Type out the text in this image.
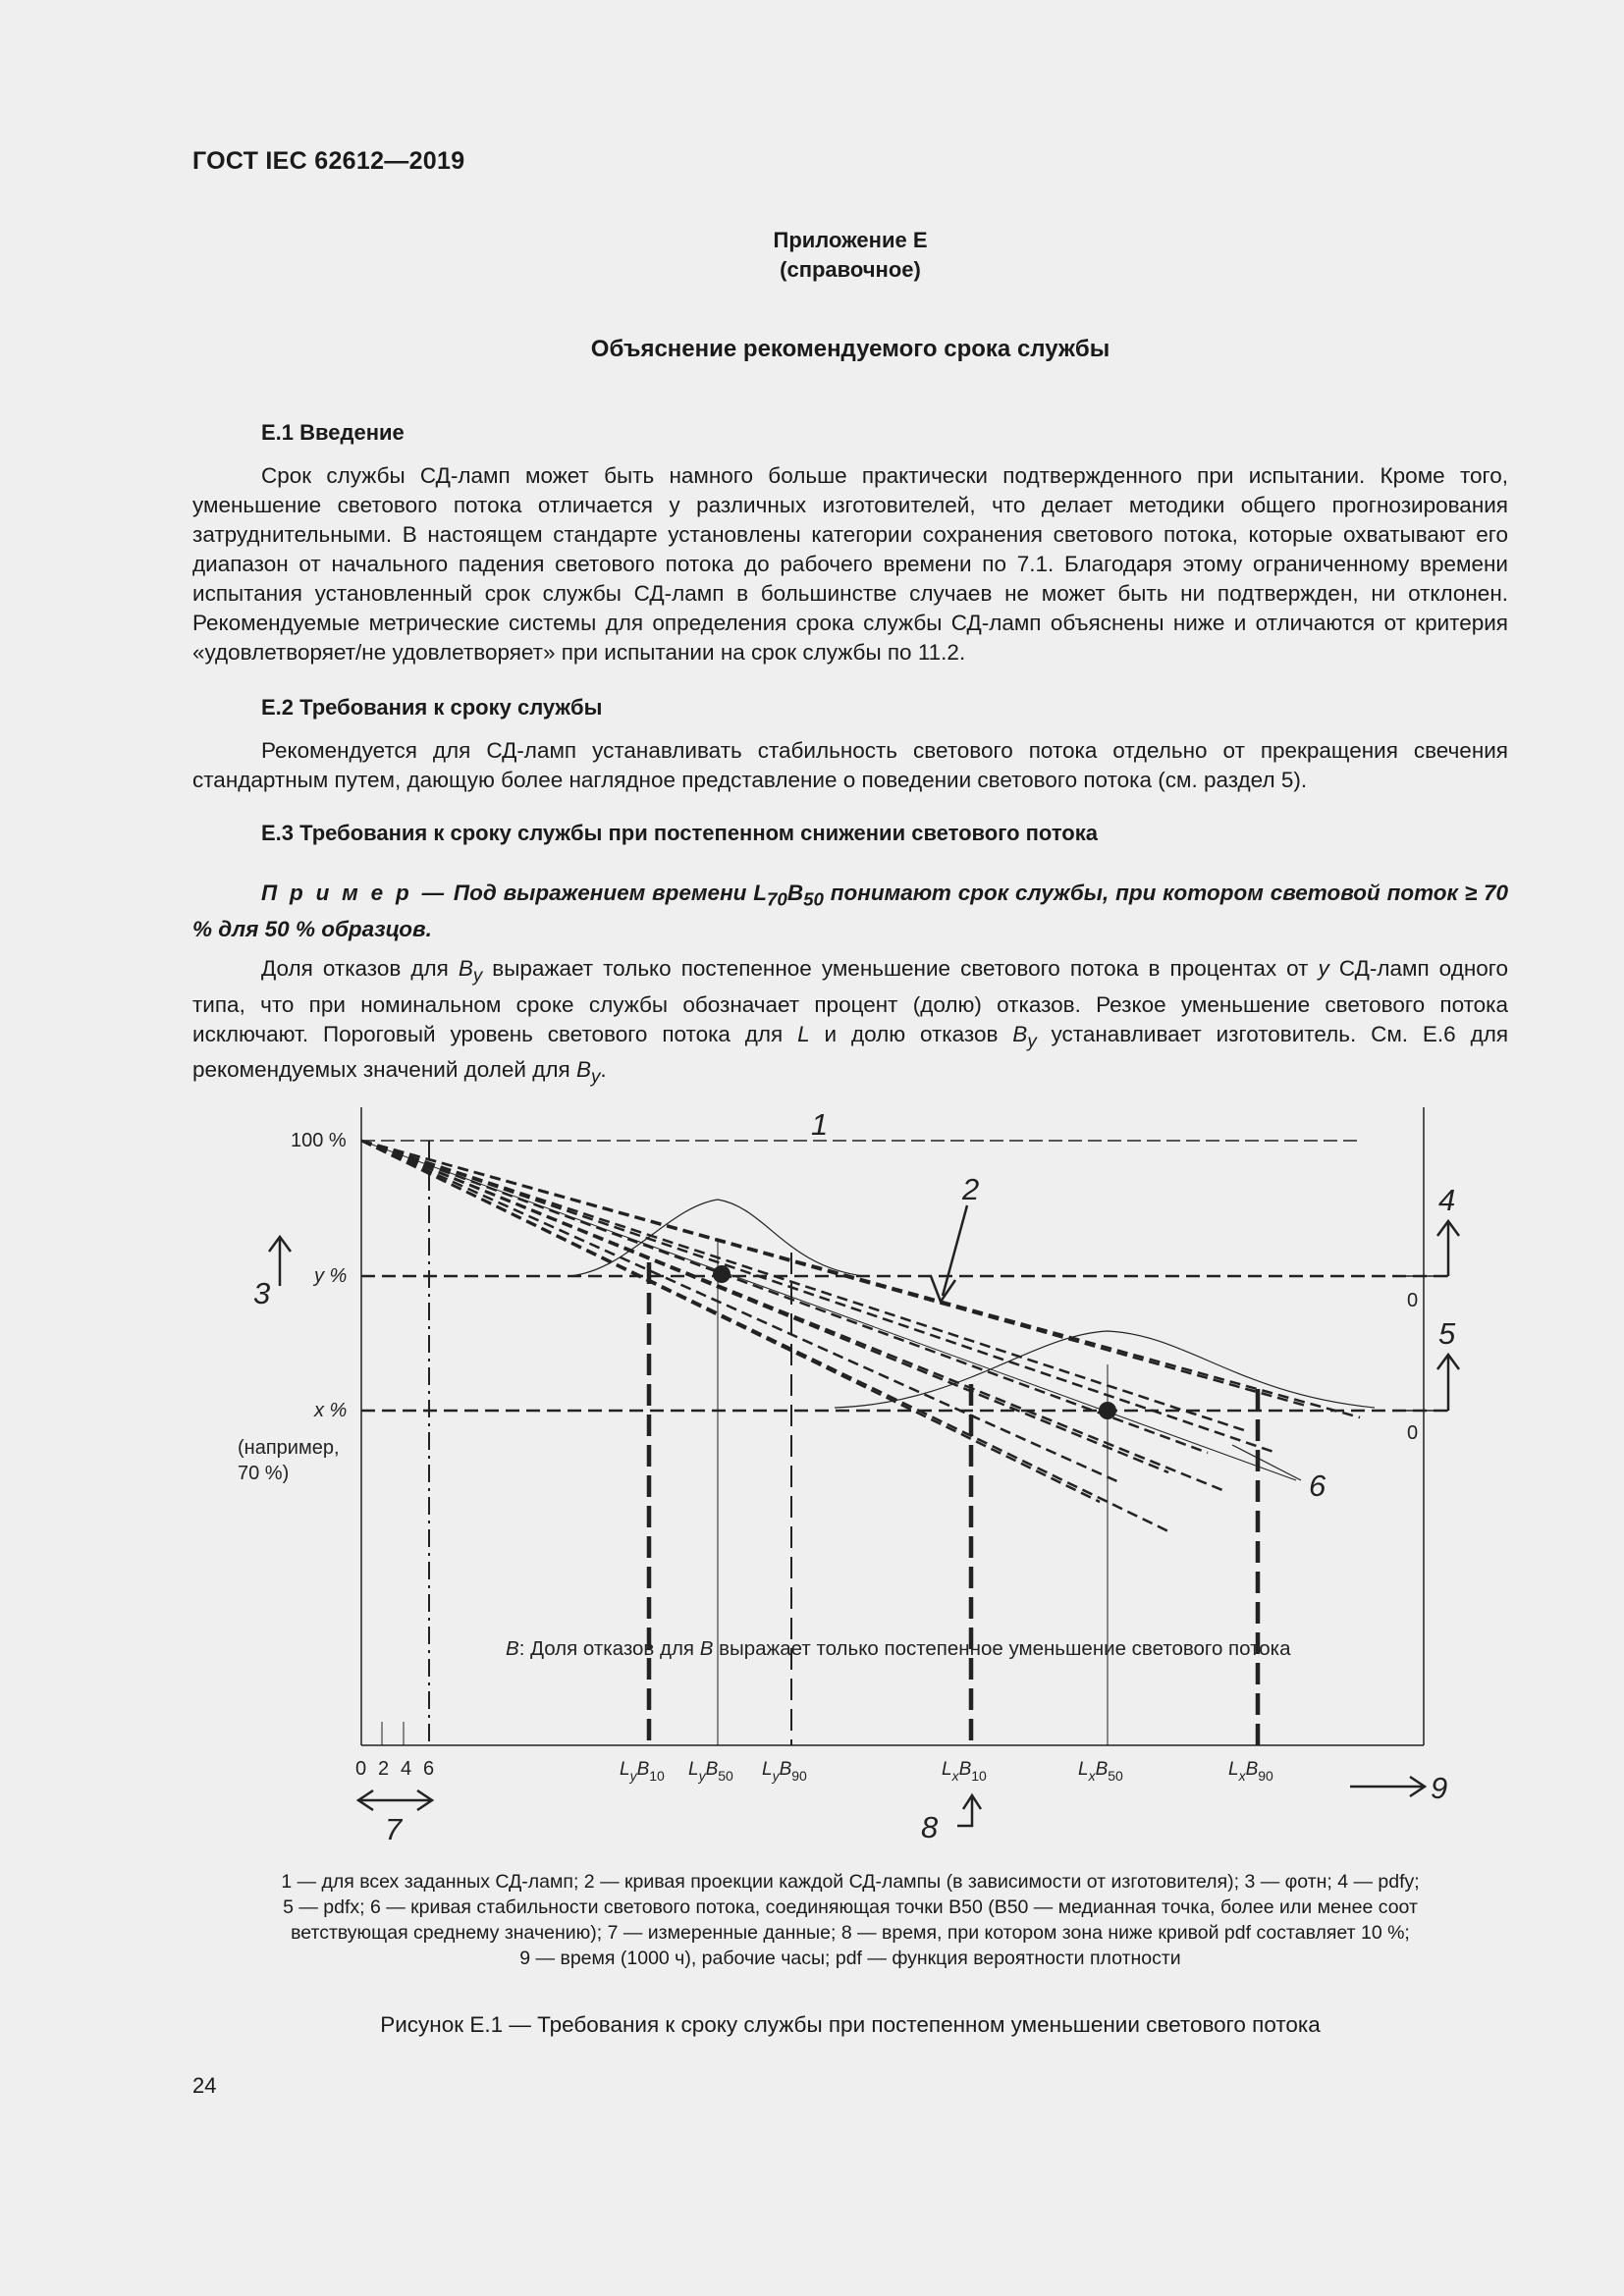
ГОСТ IEC 62612—2019
Приложение Е
(справочное)
Объяснение рекомендуемого срока службы
Е.1 Введение
Срок службы СД-ламп может быть намного больше практически подтвержденного при испытании. Кроме того, уменьшение светового потока отличается у различных изготовителей, что делает методики общего прогнозирования затруднительными. В настоящем стандарте установлены категории сохранения светового потока, которые охватывают его диапазон от начального падения светового потока до рабочего времени по 7.1. Благодаря этому ограниченному времени испытания установленный срок службы СД-ламп в большинстве случаев не может быть ни подтвержден, ни отклонен. Рекомендуемые метрические системы для определения срока службы СД-ламп объяснены ниже и отличаются от критерия «удовлетворяет/не удовлетворяет» при испытании на срок службы по 11.2.
Е.2 Требования к сроку службы
Рекомендуется для СД-ламп устанавливать стабильность светового потока отдельно от прекращения свечения стандартным путем, дающую более наглядное представление о поведении светового потока (см. раздел 5).
Е.3 Требования к сроку службы при постепенном снижении светового потока
П р и м е р — Под выражением времени $L_{70}B_{50}$ понимают срок службы, при котором световой поток ≥ 70 % для 50 % образцов.
Доля отказов для $B_y$ выражает только постепенное уменьшение светового потока в процентах от y СД-ламп одного типа, что при номинальном сроке службы обозначает процент (долю) отказов. Резкое уменьшение светового потока исключают. Пороговый уровень светового потока для L и долю отказов $B_y$ устанавливает изготовитель. См. Е.6 для рекомендуемых значений долей для $B_y$.
100 %
y %
x %
(например,
70 %)
0
0
0 2 4 6	$L_yB_{10}$ $L_yB_{50}$ $L_yB_{90}$	$L_xB_{10}$	$L_xB_{50}$	$L_xB_{90}$
1
2
3
4
5
6
7	8
9
B: Доля отказов для B выражает только постепенное уменьшение светового потока
1 — для всех заданных СД-ламп; 2 — кривая проекции каждой СД-лампы (в зависимости от изготовителя); 3 — φотн; 4 — pdfy;
5 — pdfx; 6 — кривая стабильности светового потока, соединяющая точки B50 (B50 — медианная точка, более или менее соот
ветствующая среднему значению); 7 — измеренные данные; 8 — время, при котором зона ниже кривой pdf составляет 10 %;
9 — время (1000 ч), рабочие часы; pdf — функция вероятности плотности
Рисунок Е.1 — Требования к сроку службы при постепенном уменьшении светового потока
24
